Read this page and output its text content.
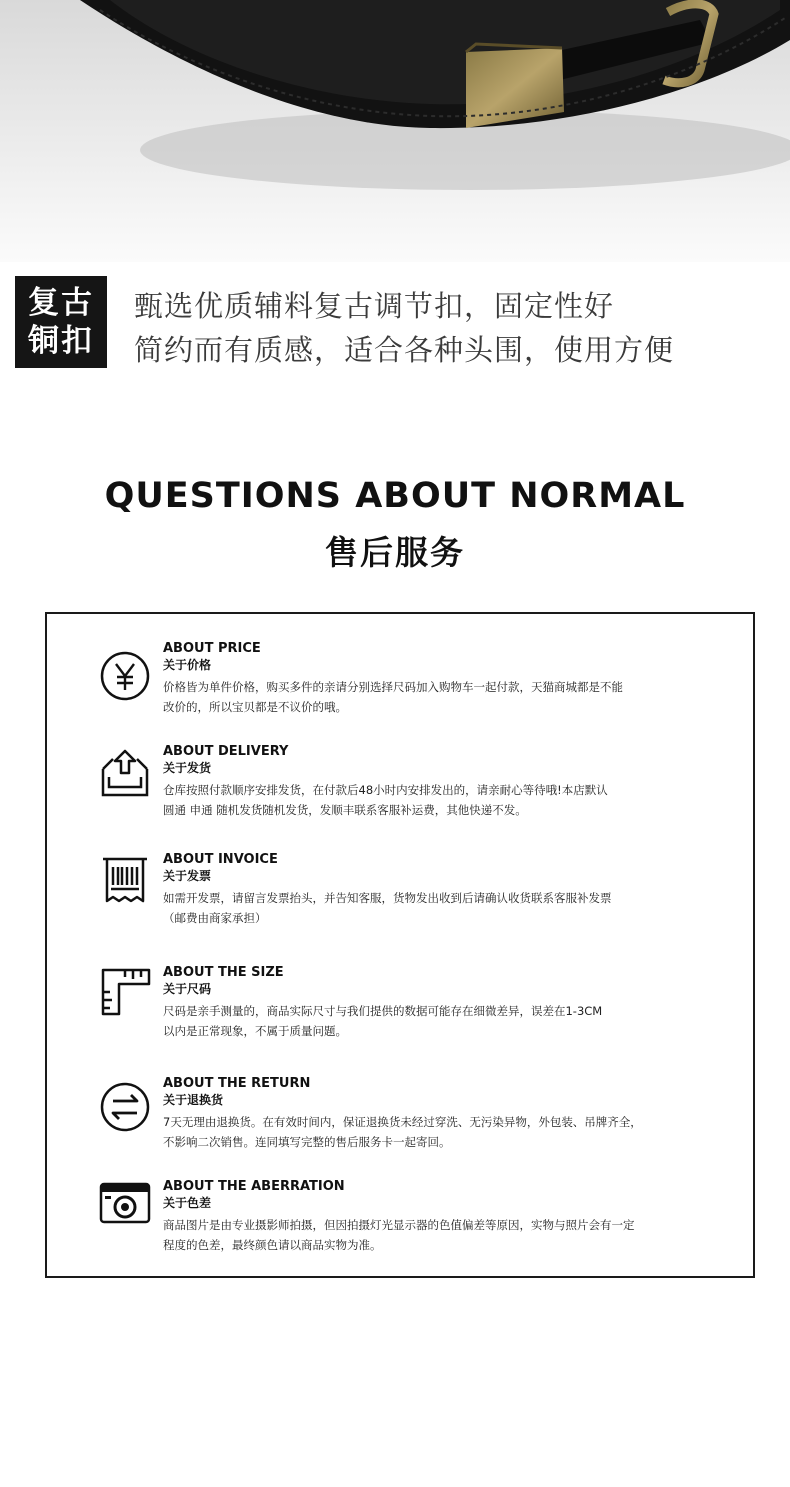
复古
铜扣
甄选优质辅料复古调节扣，固定性好
简约而有质感，适合各种头围，使用方便
QUESTIONS ABOUT NORMAL
售后服务
ABOUT PRICE
关于价格
价格皆为单件价格，购买多件的亲请分别选择尺码加入购物车一起付款，天猫商城都是不能
改价的，所以宝贝都是不议价的哦。
ABOUT DELIVERY
关于发货
仓库按照付款顺序安排发货，在付款后48小时内安排发出的，请亲耐心等待哦!本店默认
圆通 申通 随机发货随机发货，发顺丰联系客服补运费，其他快递不发。
ABOUT INVOICE
关于发票
如需开发票，请留言发票抬头，并告知客服，货物发出收到后请确认收货联系客服补发票
（邮费由商家承担）
ABOUT THE SIZE
关于尺码
尺码是亲手测量的，商品实际尺寸与我们提供的数据可能存在细微差异，误差在1-3CM
以内是正常现象，不属于质量问题。
ABOUT THE RETURN
关于退换货
7天无理由退换货。在有效时间内，保证退换货未经过穿洗、无污染异物，外包装、吊牌齐全，
不影响二次销售。连同填写完整的售后服务卡一起寄回。
ABOUT THE ABERRATION
关于色差
商品图片是由专业摄影师拍摄，但因拍摄灯光显示器的色值偏差等原因，实物与照片会有一定
程度的色差，最终颜色请以商品实物为准。
